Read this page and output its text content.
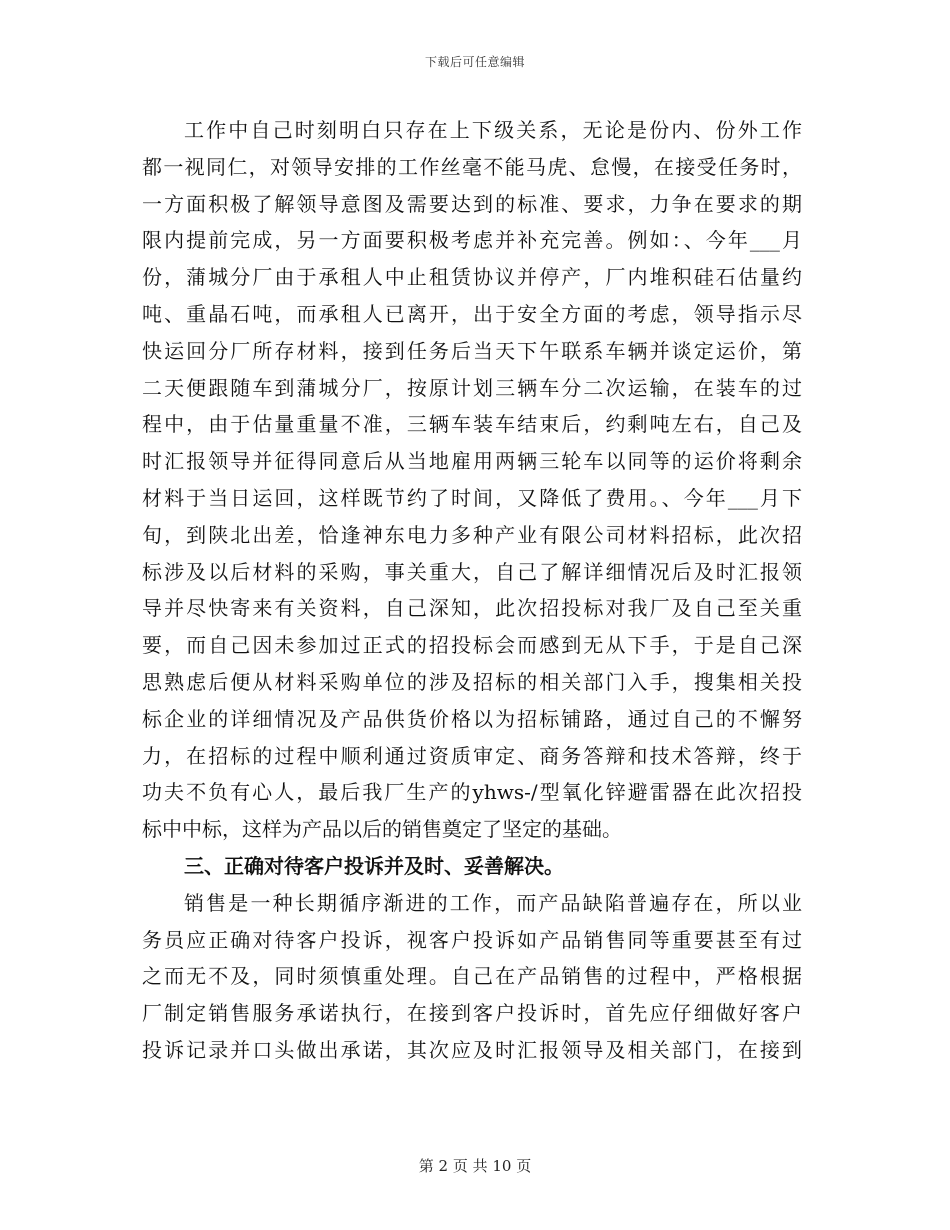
下载后可任意编辑
工作中自己时刻明白只存在上下级关系，无论是份内、份外工作
都一视同仁，对领导安排的工作丝毫不能马虎、怠慢，在接受任务时，
一方面积极了解领导意图及需要达到的标准、要求，力争在要求的期
限内提前完成，另一方面要积极考虑并补充完善。例如：、今年___月
份，蒲城分厂由于承租人中止租赁协议并停产，厂内堆积硅石估量约
吨、重晶石吨，而承租人已离开，出于安全方面的考虑，领导指示尽
快运回分厂所存材料，接到任务后当天下午联系车辆并谈定运价，第
二天便跟随车到蒲城分厂，按原计划三辆车分二次运输，在装车的过
程中，由于估量重量不准，三辆车装车结束后，约剩吨左右，自己及
时汇报领导并征得同意后从当地雇用两辆三轮车以同等的运价将剩余
材料于当日运回，这样既节约了时间，又降低了费用。、今年___月下
旬，到陕北出差，恰逢神东电力多种产业有限公司材料招标，此次招
标涉及以后材料的采购，事关重大，自己了解详细情况后及时汇报领
导并尽快寄来有关资料，自己深知，此次招投标对我厂及自己至关重
要，而自己因未参加过正式的招投标会而感到无从下手，于是自己深
思熟虑后便从材料采购单位的涉及招标的相关部门入手，搜集相关投
标企业的详细情况及产品供货价格以为招标铺路，通过自己的不懈努
力，在招标的过程中顺利通过资质审定、商务答辩和技术答辩，终于
功夫不负有心人，最后我厂生产的yhws-/型氧化锌避雷器在此次招投
标中中标，这样为产品以后的销售奠定了坚定的基础。
三、正确对待客户投诉并及时、妥善解决。
销售是一种长期循序渐进的工作，而产品缺陷普遍存在，所以业
务员应正确对待客户投诉，视客户投诉如产品销售同等重要甚至有过
之而无不及，同时须慎重处理。自己在产品销售的过程中，严格根据
厂制定销售服务承诺执行，在接到客户投诉时，首先应仔细做好客户
投诉记录并口头做出承诺，其次应及时汇报领导及相关部门，在接到
第 2 页 共 10 页
